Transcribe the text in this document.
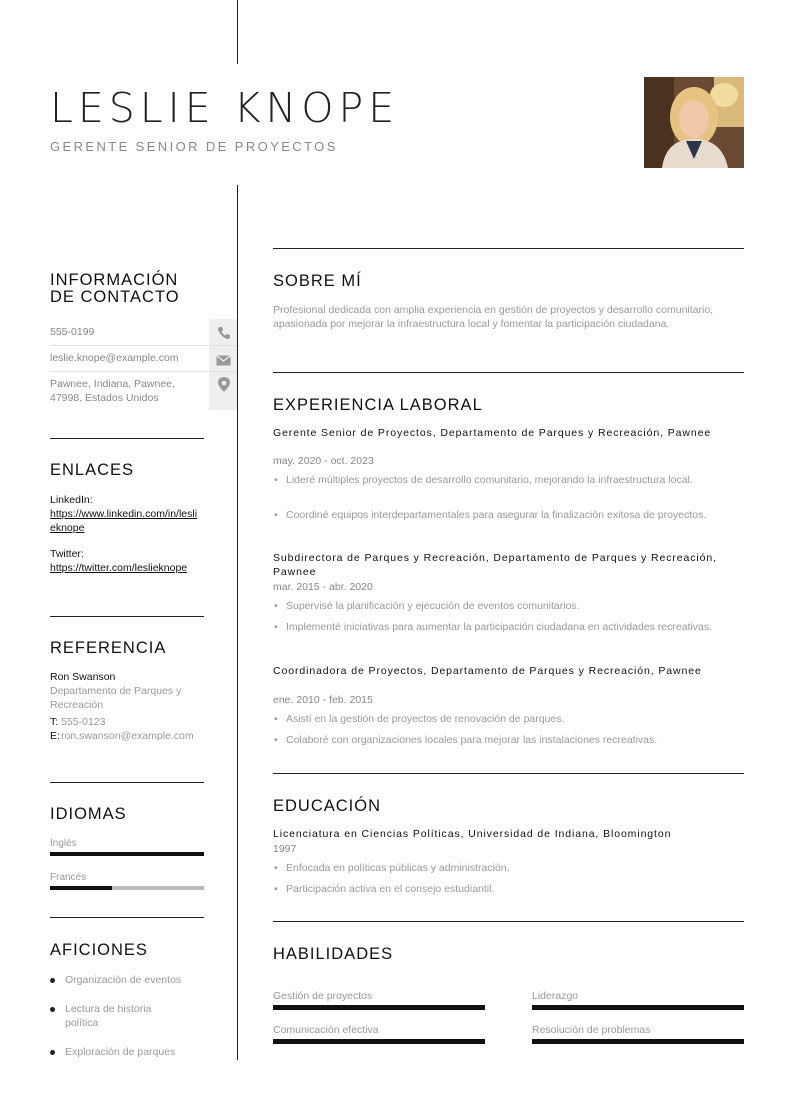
LESLIE KNOPE
GERENTE SENIOR DE PROYECTOS
INFORMACIÓN
DE CONTACTO
555-0199
leslie.knope@example.com
Pawnee, Indiana, Pawnee, 47998, Estados Unidos
ENLACES
LinkedIn:
https://www.linkedin.com/in/leslieknope
Twitter:
https://twitter.com/leslieknope
REFERENCIA
Ron Swanson
Departamento de Parques y Recreación
T: 555-0123
E: ron.swanson@example.com
IDIOMAS
Inglés
Francés
AFICIONES
Organización de eventos
Lectura de historia política
Exploración de parques
SOBRE MÍ
Profesional dedicada con amplia experiencia en gestión de proyectos y desarrollo comunitario, apasionada por mejorar la infraestructura local y fomentar la participación ciudadana.
EXPERIENCIA LABORAL
Gerente Senior de Proyectos, Departamento de Parques y Recreación, Pawnee
may. 2020 - oct. 2023
• Lideré múltiples proyectos de desarrollo comunitario, mejorando la infraestructura local.
• Coordiné equipos interdepartamentales para asegurar la finalización exitosa de proyectos.
Subdirectora de Parques y Recreación, Departamento de Parques y Recreación, Pawnee
mar. 2015 - abr. 2020
• Supervisé la planificación y ejecución de eventos comunitarios.
• Implementé iniciativas para aumentar la participación ciudadana en actividades recreativas.
Coordinadora de Proyectos, Departamento de Parques y Recreación, Pawnee
ene. 2010 - feb. 2015
• Asistí en la gestión de proyectos de renovación de parques.
• Colaboré con organizaciones locales para mejorar las instalaciones recreativas.
EDUCACIÓN
Licenciatura en Ciencias Políticas, Universidad de Indiana, Bloomington
1997
• Enfocada en políticas públicas y administración.
• Participación activa en el consejo estudiantil.
HABILIDADES
Gestión de proyectos	Liderazgo
Comunicación efectiva	Resolución de problemas
